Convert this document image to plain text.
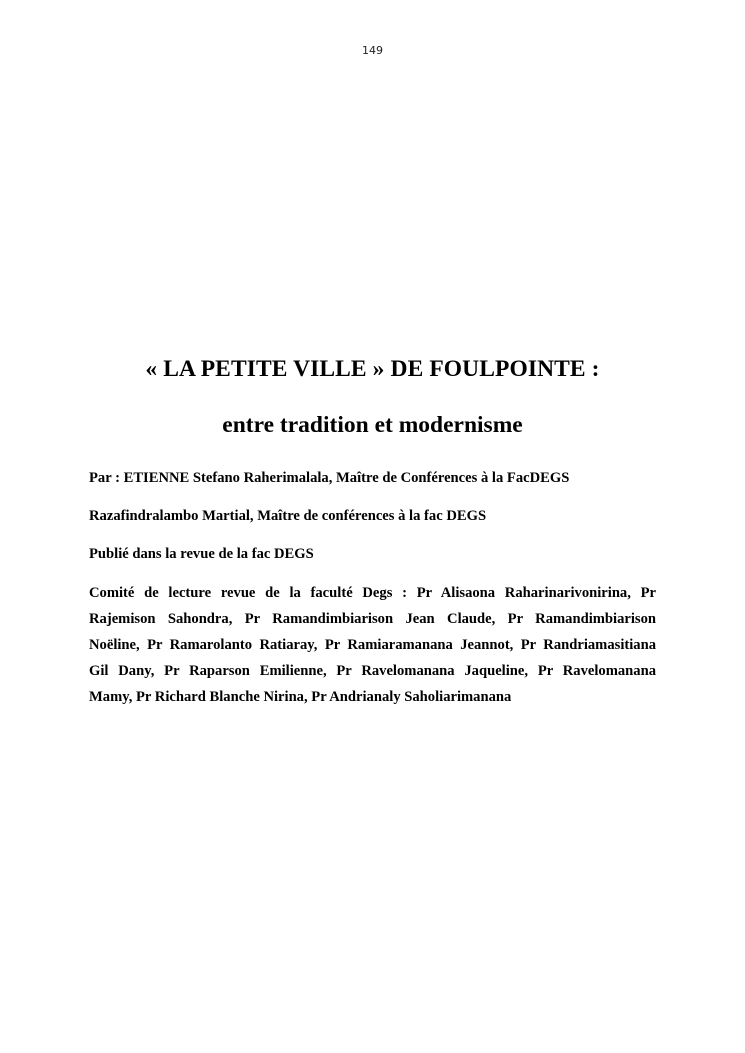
149
« LA PETITE VILLE » DE FOULPOINTE :
entre tradition et modernisme
Par : ETIENNE Stefano Raherimalala, Maître de Conférences à la FacDEGS
Razafindralambo Martial, Maître de conférences à la fac DEGS
Publié dans la revue de la fac DEGS
Comité de lecture revue de la faculté Degs : Pr Alisaona Raharinarivonirina, Pr
Rajemison Sahondra, Pr Ramandimbiarison Jean Claude, Pr Ramandimbiarison
Noëline, Pr Ramarolanto Ratiaray, Pr Ramiaramanana Jeannot, Pr Randriamasitiana
Gil Dany, Pr Raparson Emilienne, Pr Ravelomanana Jaqueline, Pr Ravelomanana
Mamy, Pr Richard Blanche Nirina, Pr Andrianaly Saholiarimanana
